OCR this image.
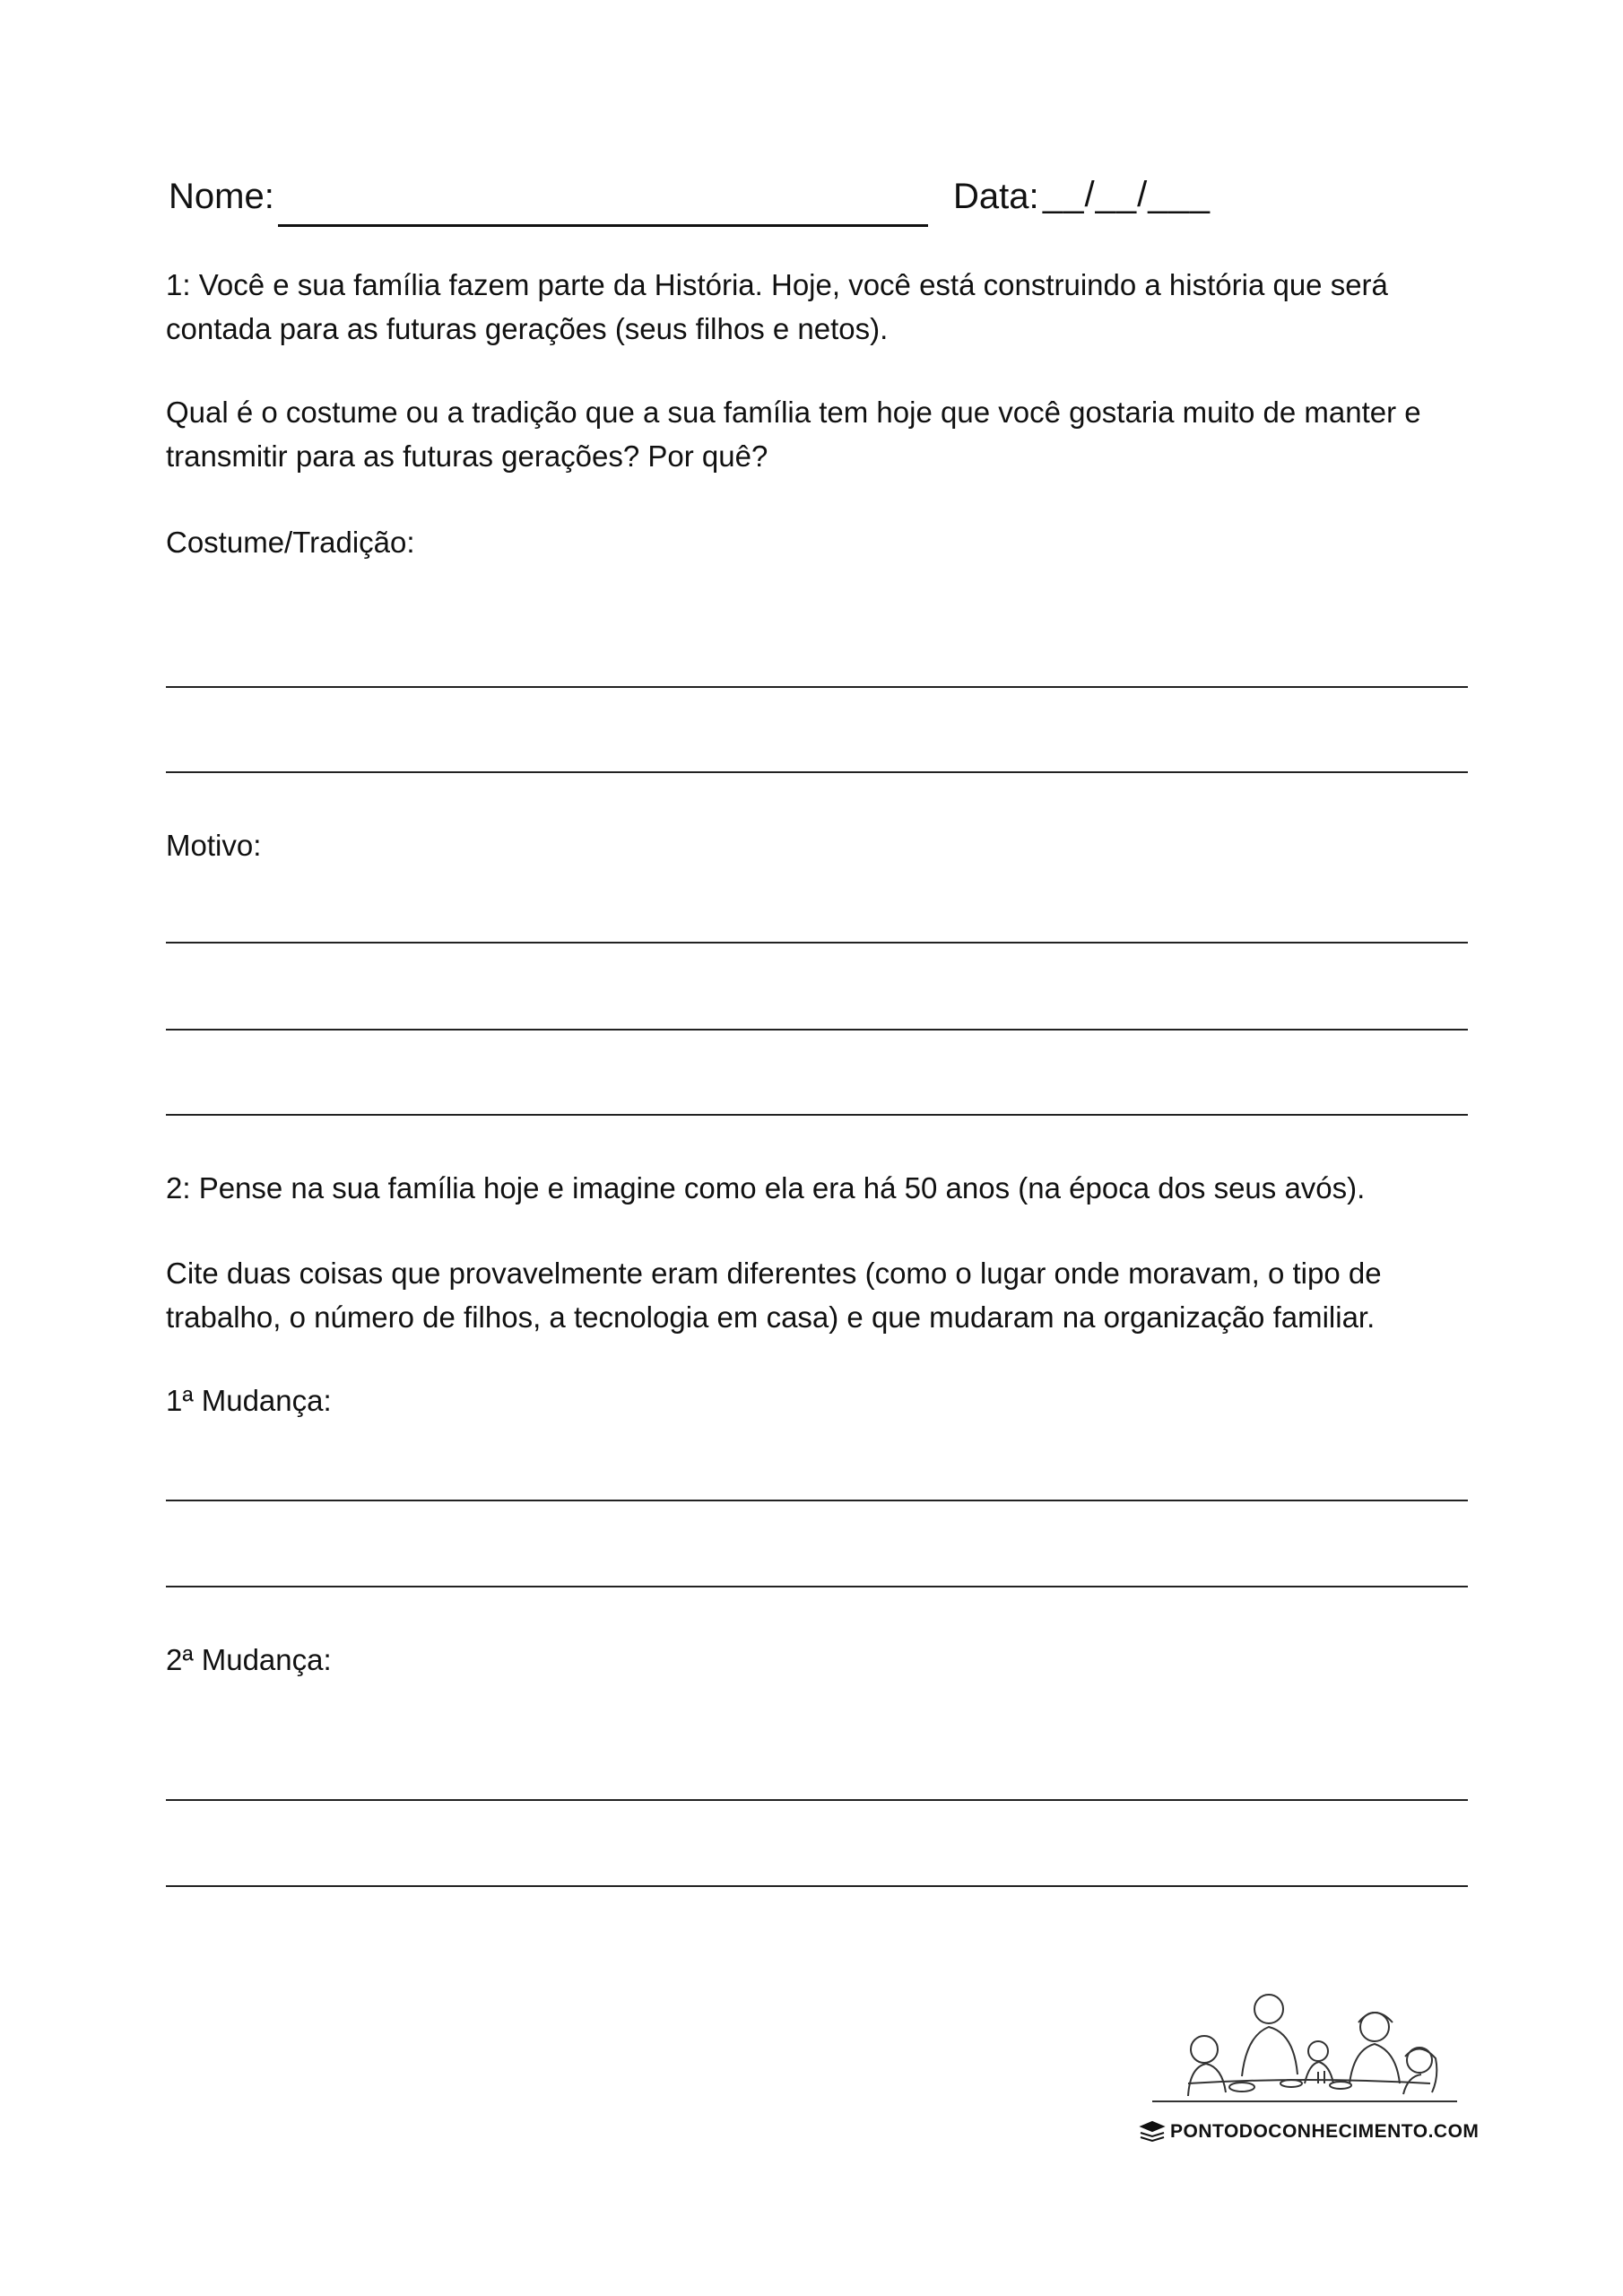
Nome:	Data: __/__/___

1: Você e sua família fazem parte da História. Hoje, você está construindo a história que será contada para as futuras gerações (seus filhos e netos).

Qual é o costume ou a tradição que a sua família tem hoje que você gostaria muito de manter e transmitir para as futuras gerações? Por quê?

Costume/Tradição:

Motivo:

2: Pense na sua família hoje e imagine como ela era há 50 anos (na época dos seus avós).

Cite duas coisas que provavelmente eram diferentes (como o lugar onde moravam, o tipo de trabalho, o número de filhos, a tecnologia em casa) e que mudaram na organização familiar.

1ª Mudança:

2ª Mudança:

PONTODOCONHECIMENTO.COM
